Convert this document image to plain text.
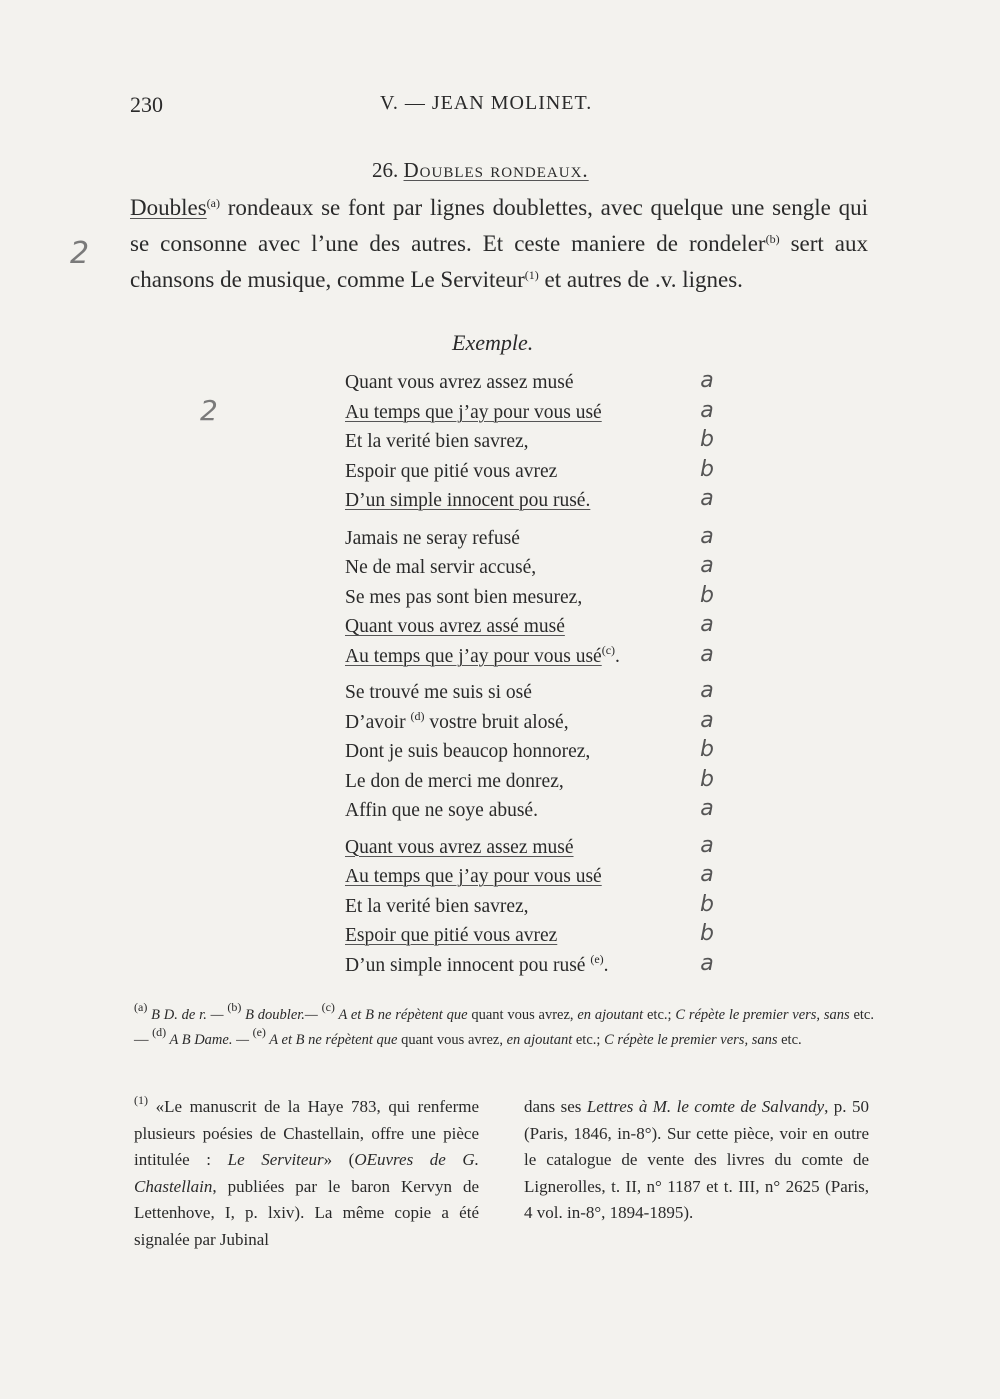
230	V. — JEAN MOLINET.
26. Doubles rondeaux.
Doubles$^{(a)}$ rondeaux se font par lignes doublettes, avec quelque une sengle qui se consonne avec l’une des autres. Et ceste maniere de rondeler$^{(b)}$ sert aux chansons de musique, comme Le Serviteur$^{(1)}$ et autres de .v. lignes.
Exemple.
Quant vous avrez assez musé
Au temps que j’ay pour vous usé
Et la verité bien savrez,
Espoir que pitié vous avrez
D’un simple innocent pou rusé.
Jamais ne seray refusé
Ne de mal servir accusé,
Se mes pas sont bien mesurez,
Quant vous avrez assé musé
Au temps que j’ay pour vous usé$^{(c)}$.
Se trouvé me suis si osé
D’avoir $^{(d)}$ vostre bruit alosé,
Dont je suis beaucop honnorez,
Le don de merci me donrez,
Affin que ne soye abusé.
Quant vous avrez assez musé
Au temps que j’ay pour vous usé
Et la verité bien savrez,
Espoir que pitié vous avrez
D’un simple innocent pou rusé $^{(e)}$.
a
a
b
b
a
a
a
b
a
a
a
a
b
b
a
a
a
b
b
a
2
2
$^{(a)}$ B D. de r. — $^{(b)}$ B doubler.— $^{(c)}$ A et B ne répètent que quant vous avrez, en ajoutant etc.; C répète le premier vers, sans etc. — $^{(d)}$ A B Dame. — $^{(e)}$ A et B ne répètent que quant vous avrez, en ajoutant etc.; C répète le premier vers, sans etc.
$^{(1)}$ «Le manuscrit de la Haye 783, qui renferme plusieurs poésies de Chastellain, offre une pièce intitulée : Le Serviteur» (OEuvres de G. Chastellain, publiées par le baron Kervyn de Lettenhove, I, p. lxiv). La même copie a été signalée par Jubinal
dans ses Lettres à M. le comte de Salvandy, p. 50 (Paris, 1846, in-8°). Sur cette pièce, voir en outre le catalogue de vente des livres du comte de Lignerolles, t. II, n° 1187 et t. III, n° 2625 (Paris, 4 vol. in-8°, 1894-1895).
